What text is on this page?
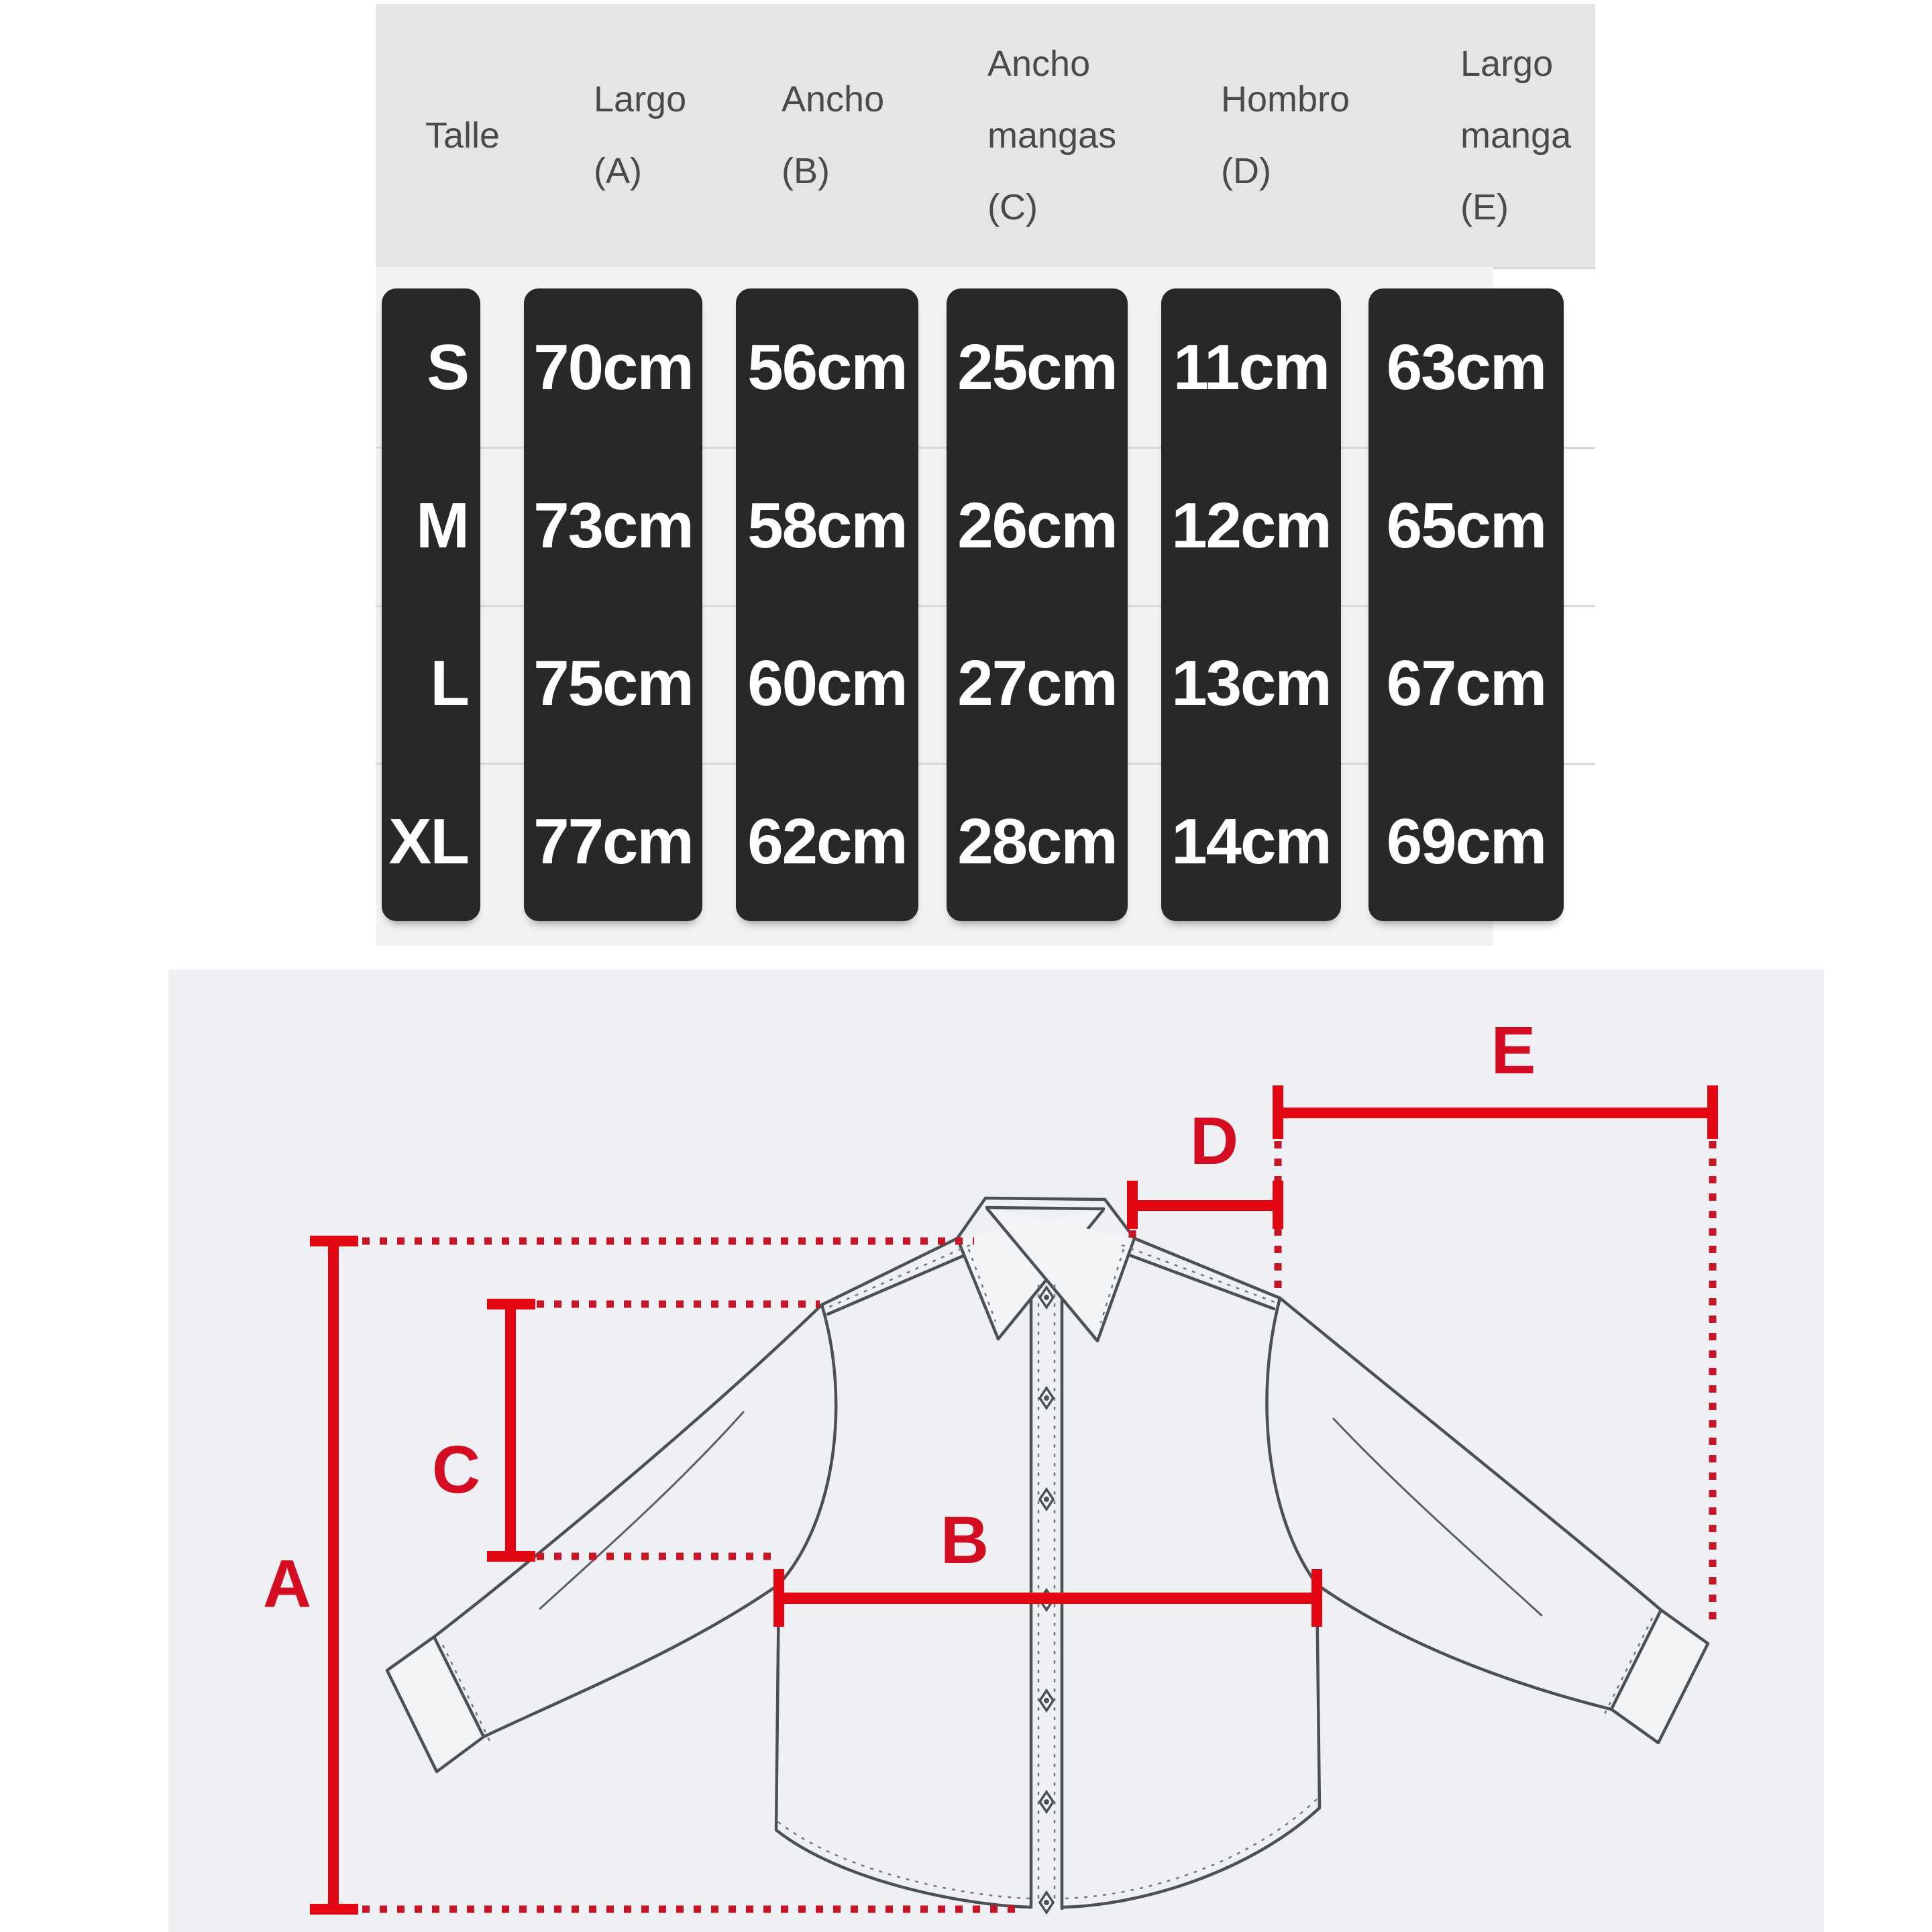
Talle
Largo
(A)
Ancho
(B)
Ancho
mangas
(C)
Hombro
(D)
Largo
manga
(E)
S
M
L
XL
70cm
73cm
75cm
77cm
56cm
58cm
60cm
62cm
25cm
26cm
27cm
28cm
11cm
12cm
13cm
14cm
63cm
65cm
67cm
69cm
A
B
C
D
E
